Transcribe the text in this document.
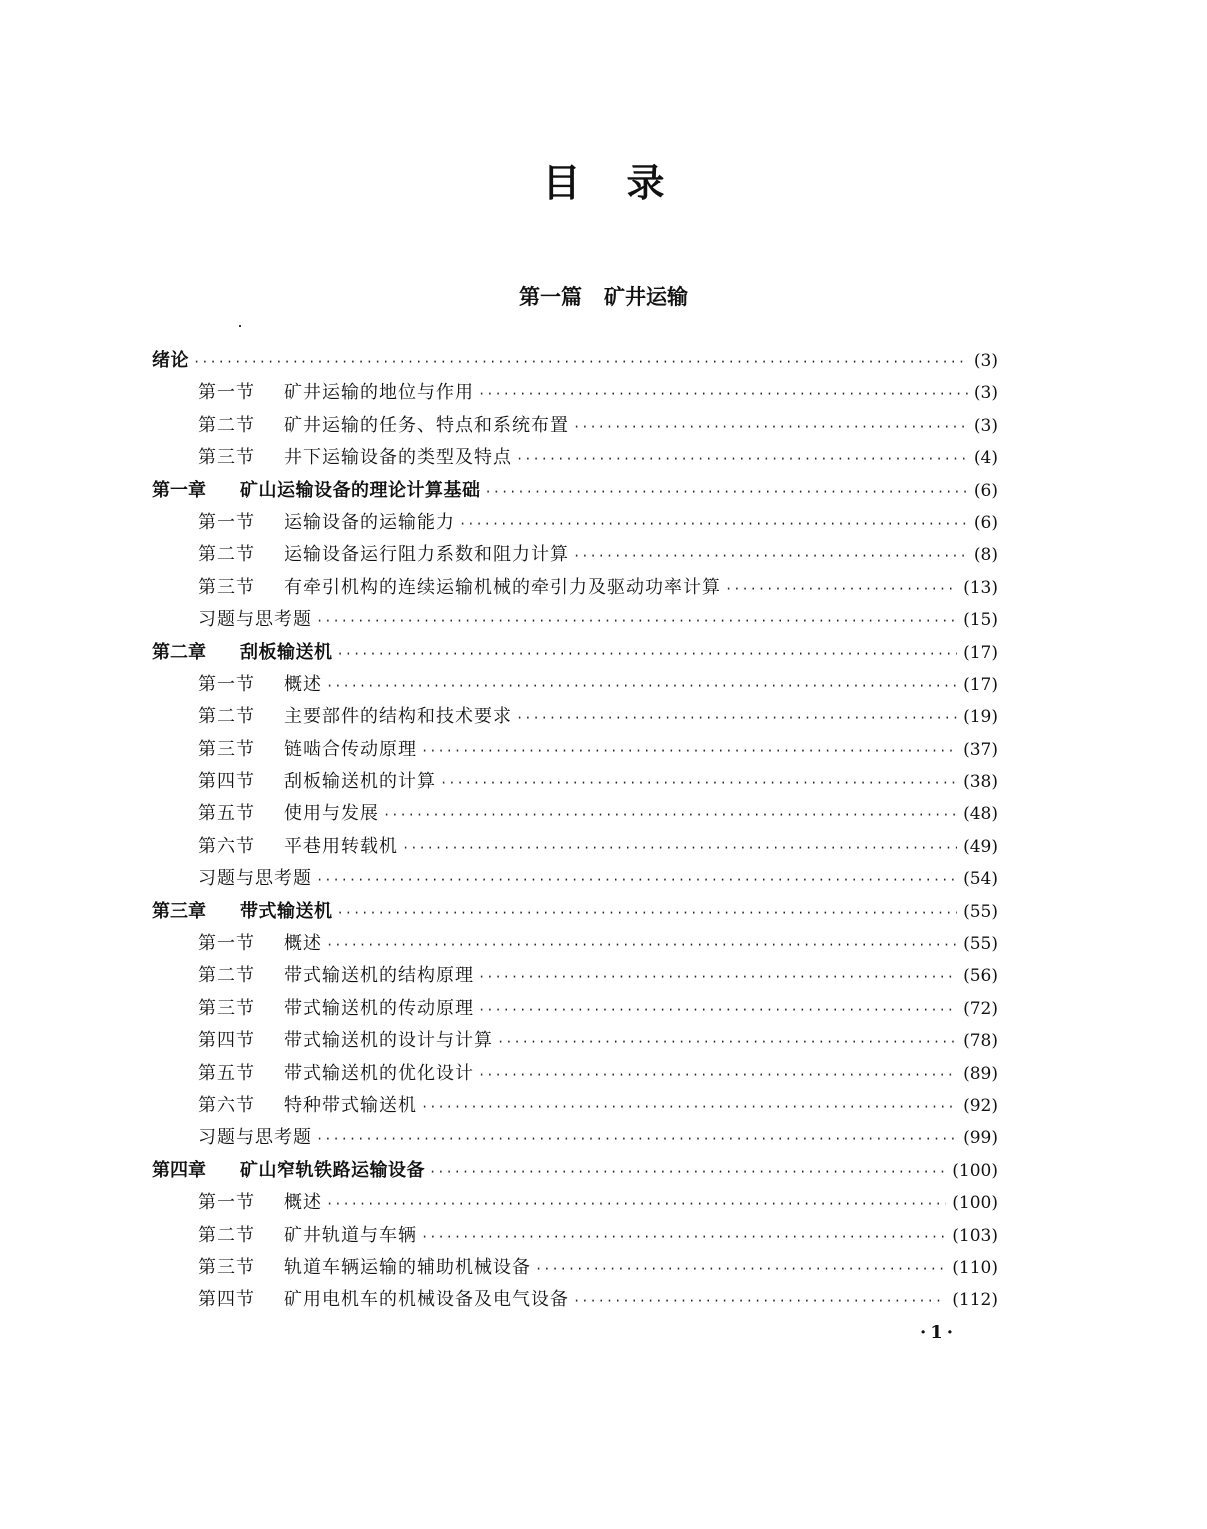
目录
第一篇   矿井运输
绪论 ·····	(3)
第一节	矿井运输的地位与作用 ·····	(3)
第二节	矿井运输的任务、特点和系统布置 ·····	(3)
第三节	井下运输设备的类型及特点 ·····	(4)
第一章	矿山运输设备的理论计算基础 ·····	(6)
第一节	运输设备的运输能力 ·····	(6)
第二节	运输设备运行阻力系数和阻力计算 ·····	(8)
第三节	有牵引机构的连续运输机械的牵引力及驱动功率计算 ·····	(13)
习题与思考题 ·····	(15)
第二章	刮板输送机 ·····	(17)
第一节	概述 ·····	(17)
第二节	主要部件的结构和技术要求 ·····	(19)
第三节	链啮合传动原理 ·····	(37)
第四节	刮板输送机的计算 ·····	(38)
第五节	使用与发展 ·····	(48)
第六节	平巷用转载机 ·····	(49)
习题与思考题 ·····	(54)
第三章	带式输送机 ·····	(55)
第一节	概述 ·····	(55)
第二节	带式输送机的结构原理 ·····	(56)
第三节	带式输送机的传动原理 ·····	(72)
第四节	带式输送机的设计与计算 ·····	(78)
第五节	带式输送机的优化设计 ·····	(89)
第六节	特种带式输送机 ·····	(92)
习题与思考题 ·····	(99)
第四章	矿山窄轨铁路运输设备 ·····	(100)
第一节	概述 ·····	(100)
第二节	矿井轨道与车辆 ·····	(103)
第三节	轨道车辆运输的辅助机械设备 ·····	(110)
第四节	矿用电机车的机械设备及电气设备 ·····	(112)
·1·
